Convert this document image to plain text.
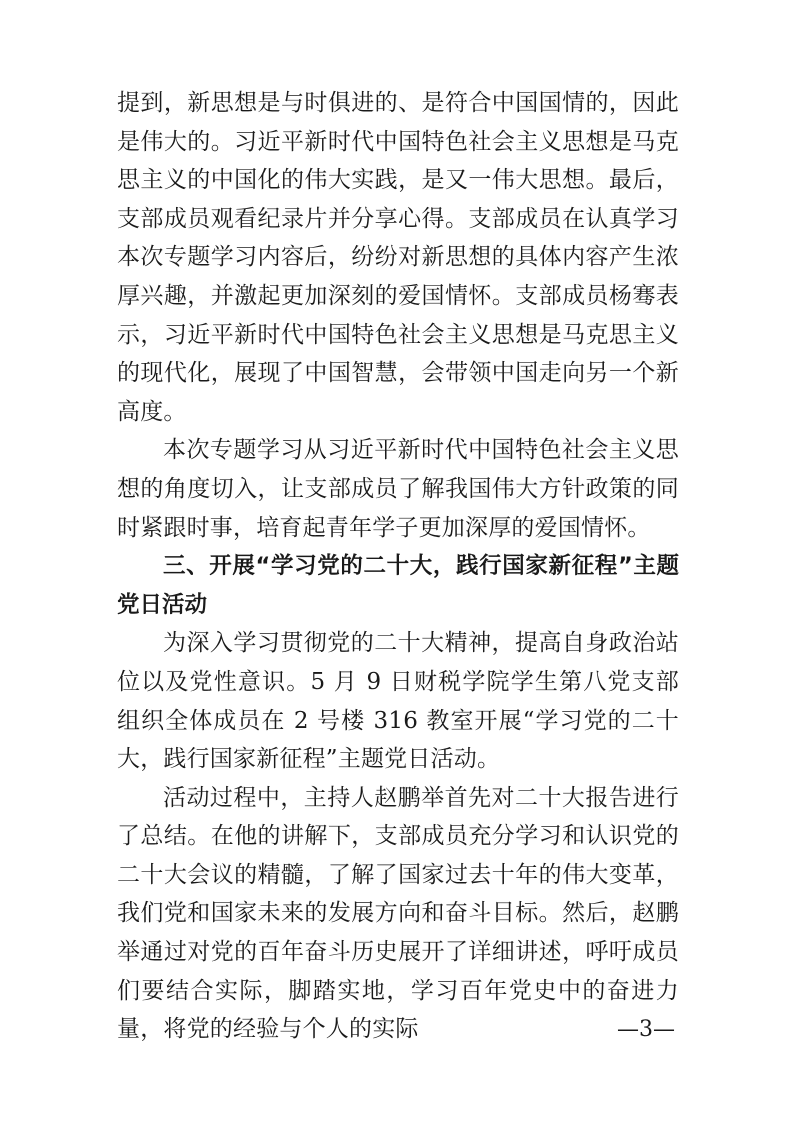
提到，新思想是与时俱进的、是符合中国国情的，因此是伟大的。习近平新时代中国特色社会主义思想是马克思主义的中国化的伟大实践，是又一伟大思想。最后，支部成员观看纪录片并分享心得。支部成员在认真学习本次专题学习内容后，纷纷对新思想的具体内容产生浓厚兴趣，并激起更加深刻的爱国情怀。支部成员杨骞表示，习近平新时代中国特色社会主义思想是马克思主义的现代化，展现了中国智慧，会带领中国走向另一个新高度。

本次专题学习从习近平新时代中国特色社会主义思想的角度切入，让支部成员了解我国伟大方针政策的同时紧跟时事，培育起青年学子更加深厚的爱国情怀。

三、开展“学习党的二十大，践行国家新征程”主题党日活动

为深入学习贯彻党的二十大精神，提高自身政治站位以及党性意识。5 月 9 日财税学院学生第八党支部组织全体成员在 2 号楼 316 教室开展“学习党的二十大，践行国家新征程”主题党日活动。

活动过程中，主持人赵鹏举首先对二十大报告进行了总结。在他的讲解下，支部成员充分学习和认识党的二十大会议的精髓，了解了国家过去十年的伟大变革，我们党和国家未来的发展方向和奋斗目标。然后，赵鹏举通过对党的百年奋斗历史展开了详细讲述，呼吁成员们要结合实际，脚踏实地，学习百年党史中的奋进力量，将党的经验与个人的实际	—3—
